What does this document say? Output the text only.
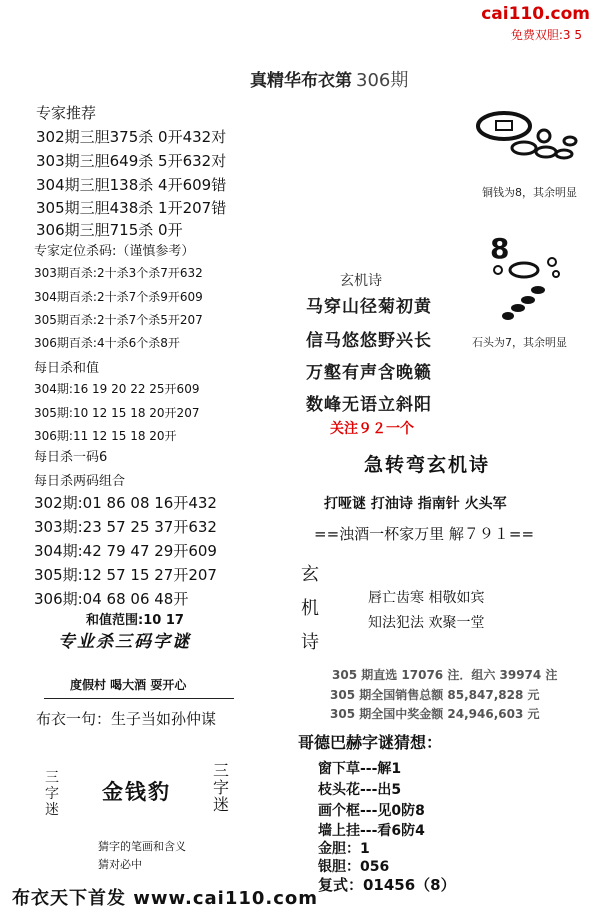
cai110.com
免费双胆:3 5
真精华布衣第 306期
专家推荐
302期三胆375杀 0开432对
303期三胆649杀 5开632对
304期三胆138杀 4开609错
305期三胆438杀 1开207错
306期三胆715杀 0开
专家定位杀码:（谨慎参考）
303期百杀:2十杀3个杀7开632
304期百杀:2十杀7个杀9开609
305期百杀:2十杀7个杀5开207
306期百杀:4十杀6个杀8开
每日杀和值
304期:16 19 20 22 25开609
305期:10 12 15 18 20开207
306期:11 12 15 18 20开
每日杀一码6
每日杀两码组合
302期:01 86 08 16开432
303期:23 57 25 37开632
304期:42 79 47 29开609
305期:12 57 15 27开207
306期:04 68 06 48开
和值范围:10 17
专业杀三码字谜
度假村 喝大酒 耍开心
布衣一句：生子当如孙仲谋
三字迷
金钱豹
三字迷
猜字的笔画和含义
猜对必中
铜钱为8，其余明显
8
石头为7，其余明显
玄机诗
马穿山径菊初黄
信马悠悠野兴长
万壑有声含晚籁
数峰无语立斜阳
关注９２一个
急转弯玄机诗
打哑谜 打油诗 指南针 火头军
==浊酒一杯家万里 解７９１==
玄
机
诗
唇亡齿寒 相敬如宾
知法犯法 欢聚一堂
305 期直选 17076 注．组六 39974 注
305 期全国销售总额 85,847,828 元
305 期全国中奖金额 24,946,603 元
哥德巴赫字谜猜想：
窗下草---解1
枝头花---出5
画个框---见0防8
墙上挂---看6防4
金胆：1
银胆：056
复式：01456（8）
布衣天下首发 www.cai110.com
